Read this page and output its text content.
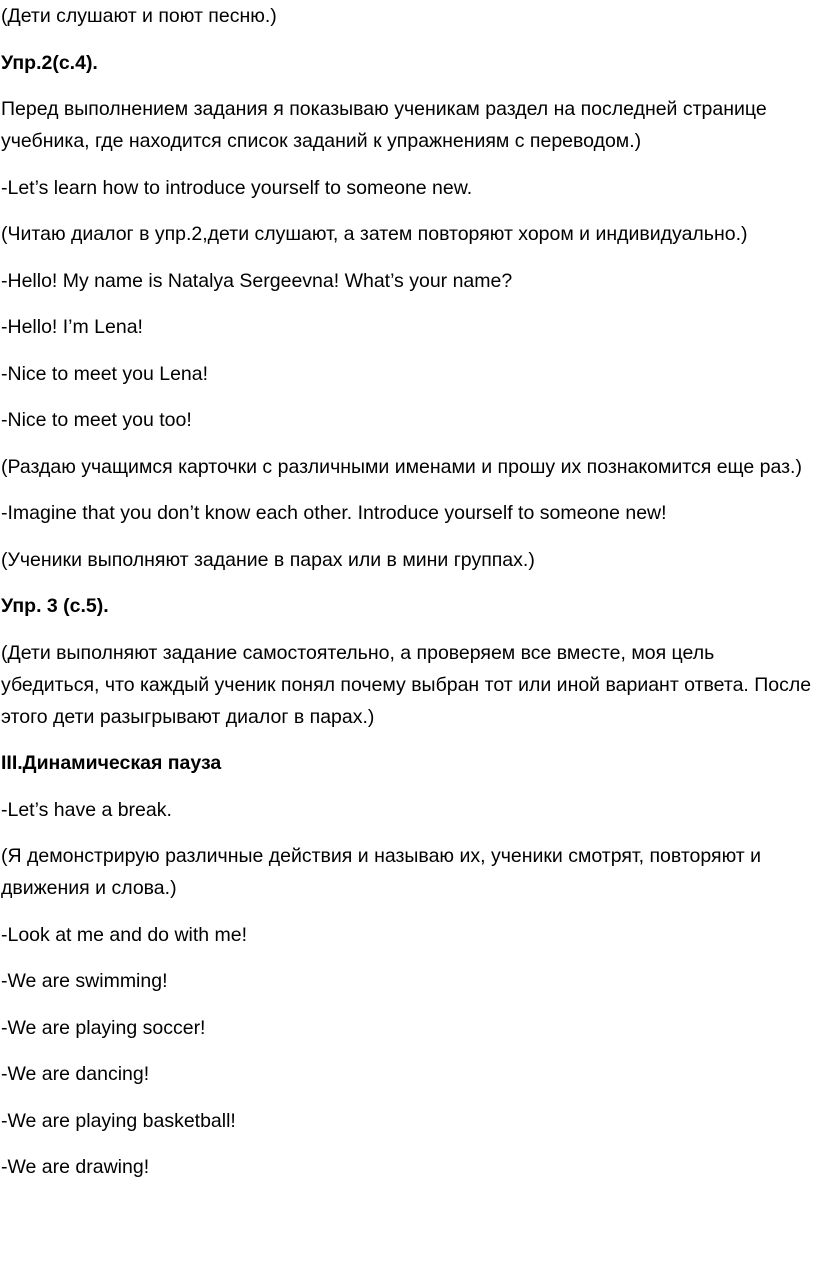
(Дети слушают и поют песню.)

Упр.2(с.4).

Перед выполнением задания я показываю ученикам раздел на последней странице учебника, где находится список заданий к упражнениям с переводом.)

-Let’s learn how to introduce yourself to someone new.

(Читаю диалог в упр.2,дети слушают, а затем повторяют хором и индивидуально.)

-Hello! My name is Natalya Sergeevna! What’s your name?

-Hello! I’m Lena!

-Nice to meet you Lena!

-Nice to meet you too!

(Раздаю учащимся карточки с различными именами и прошу их познакомится еще раз.)

-Imagine that you don’t know each other. Introduce yourself to someone new!

(Ученики выполняют задание в парах или в мини группах.)

Упр. 3 (с.5).

(Дети выполняют задание самостоятельно, а проверяем все вместе, моя цель убедиться, что каждый ученик понял почему выбран тот или иной вариант ответа. После этого дети разыгрывают диалог в парах.)

III.Динамическая пауза

-Let’s have a break.

(Я демонстрирую различные действия и называю их, ученики смотрят, повторяют и движения и слова.)

-Look at me and do with me!

-We are swimming!

-We are playing soccer!

-We are dancing!

-We are playing basketball!

-We are drawing!
